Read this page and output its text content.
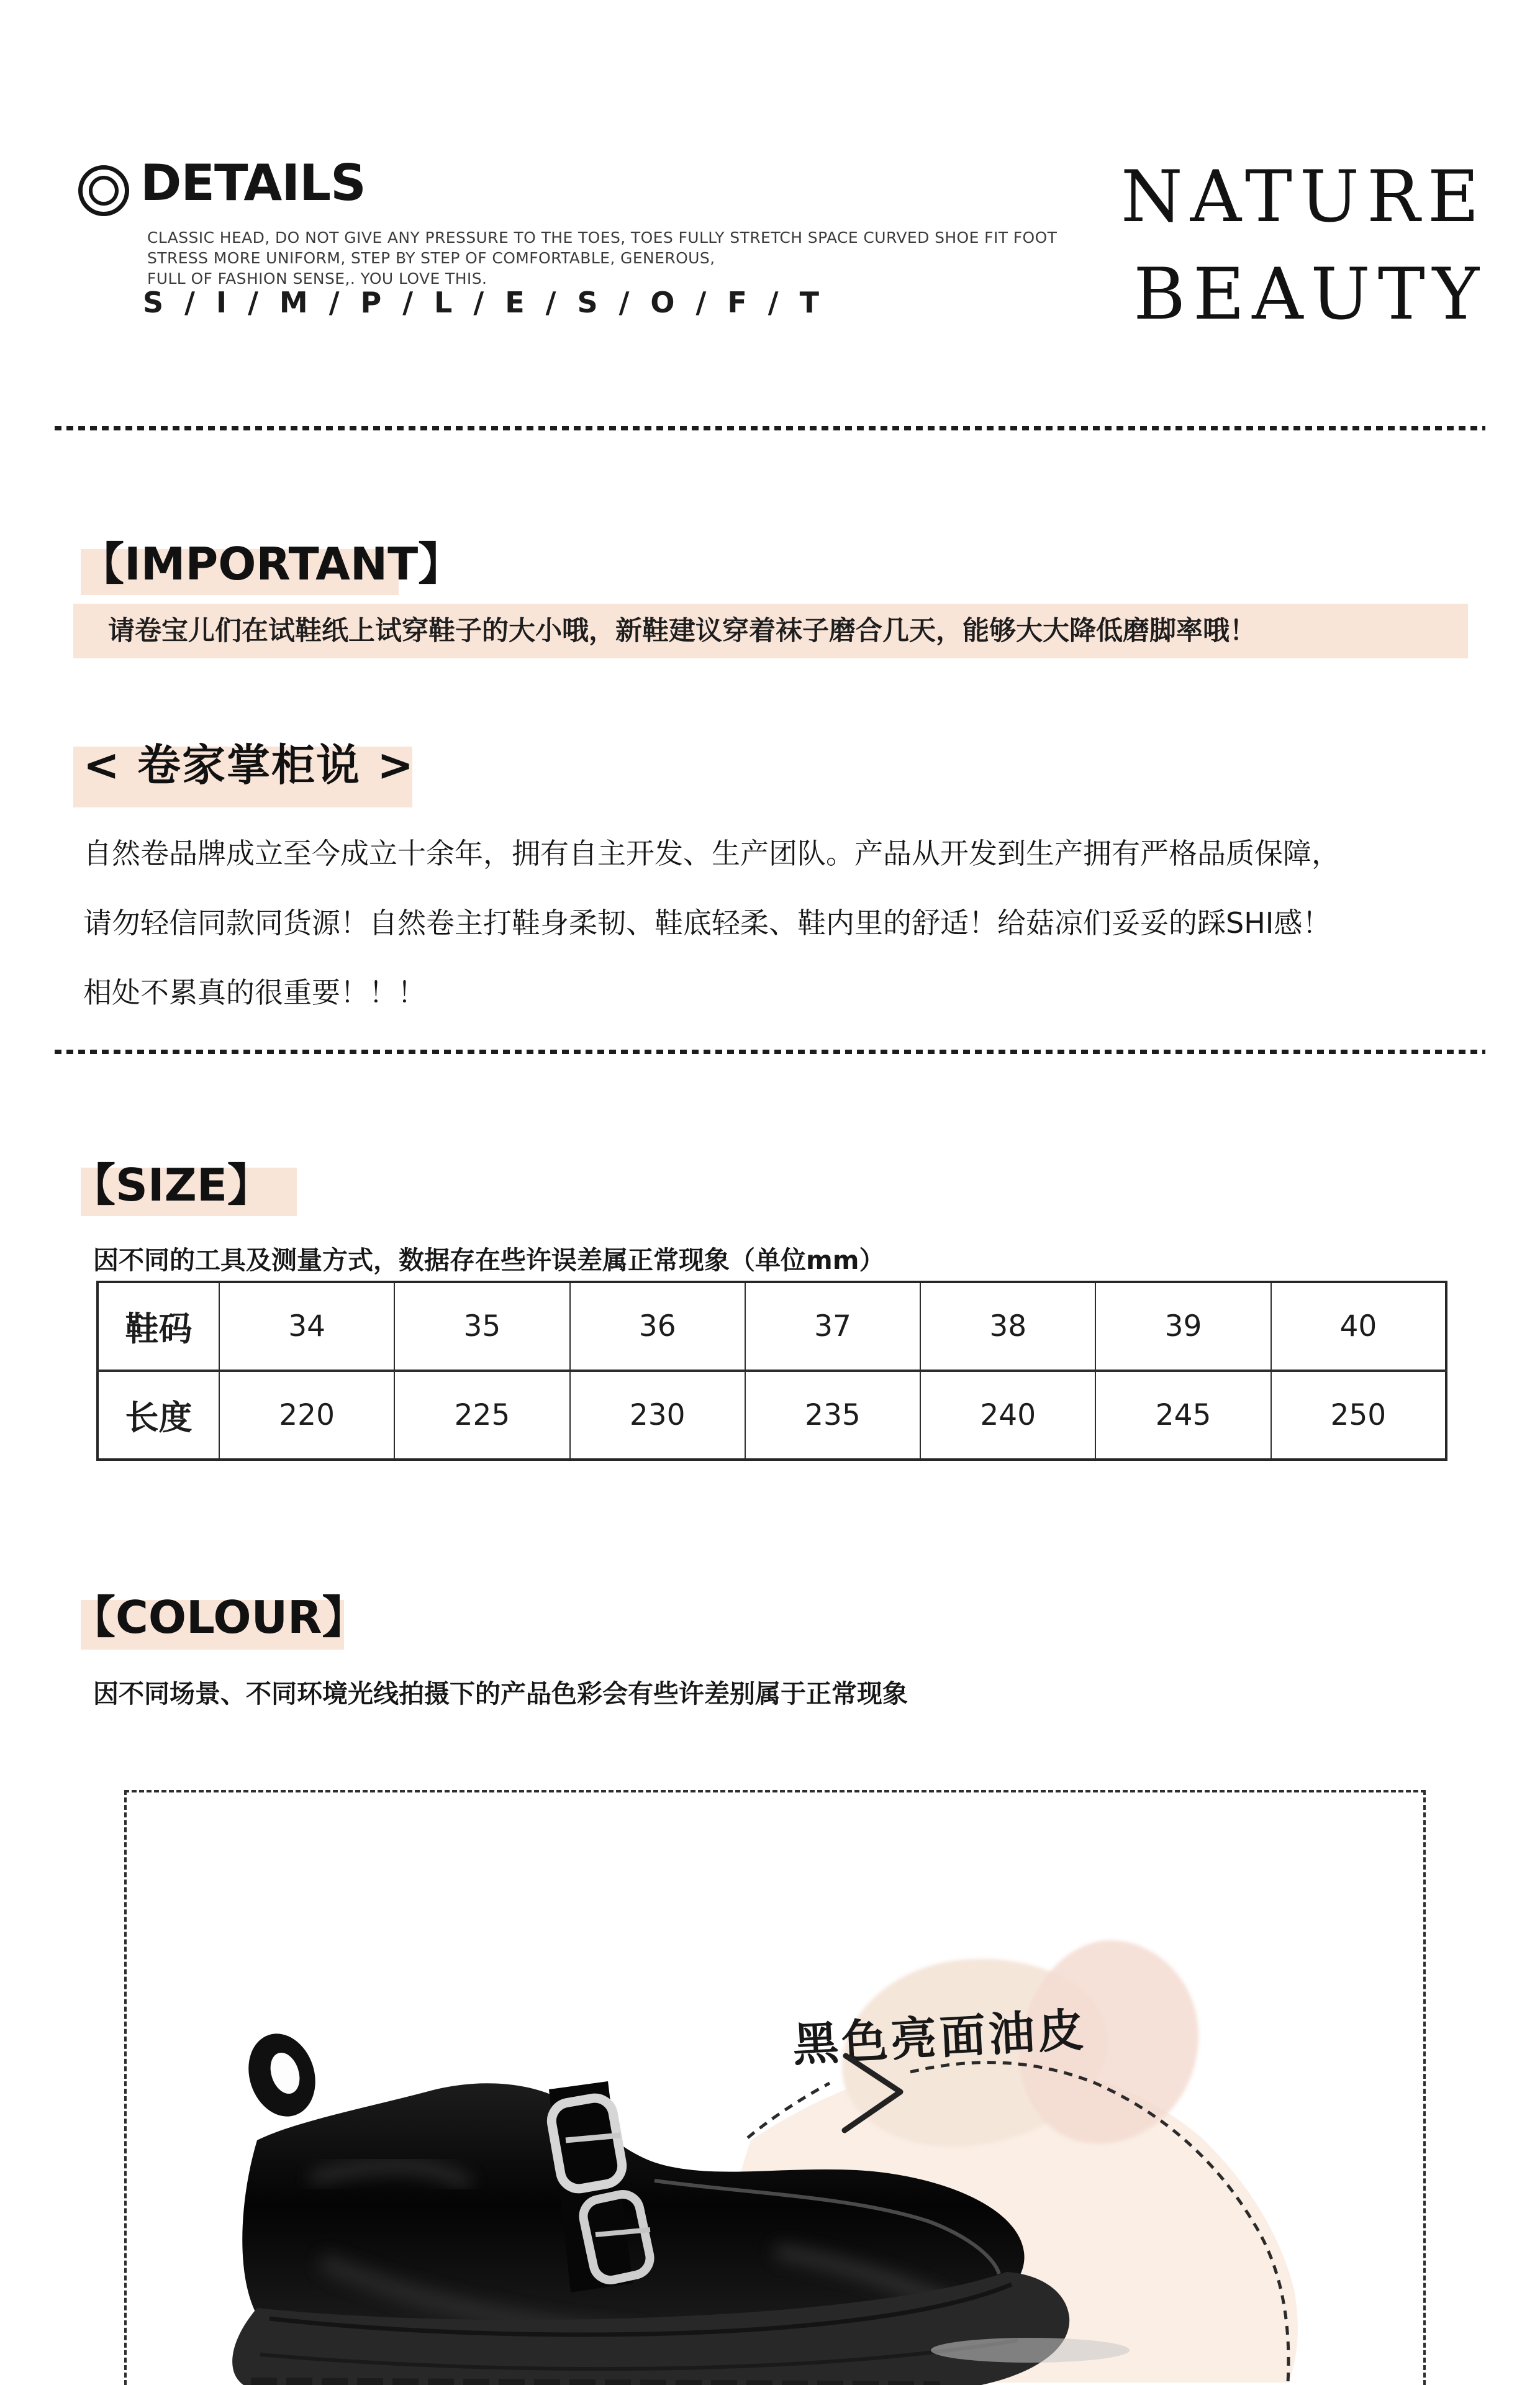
DETAILS
CLASSIC HEAD, DO NOT GIVE ANY PRESSURE TO THE TOES, TOES FULLY STRETCH SPACE CURVED SHOE FIT FOOT
STRESS MORE UNIFORM, STEP BY STEP OF COMFORTABLE, GENEROUS,
FULL OF FASHION SENSE,. YOU LOVE THIS.
S / I / M / P / L / E / S / O / F / T
NATURE
BEAUTY
【IMPORTANT】
请卷宝儿们在试鞋纸上试穿鞋子的大小哦，新鞋建议穿着袜子磨合几天，能够大大降低磨脚率哦！
< 卷家掌柜说 >

自然卷品牌成立至今成立十余年，拥有自主开发、生产团队。产品从开发到生产拥有严格品质保障，

请勿轻信同款同货源！自然卷主打鞋身柔韧、鞋底轻柔、鞋内里的舒适！给菇凉们妥妥的踩SHI感！

相处不累真的很重要！！！

【SIZE】
因不同的工具及测量方式，数据存在些许误差属正常现象（单位mm）
鞋码	34	35	36	37	38	39	40
长度	220	225	230	235	240	245	250
【COLOUR】
因不同场景、不同环境光线拍摄下的产品色彩会有些许差别属于正常现象
黑色亮面油皮
